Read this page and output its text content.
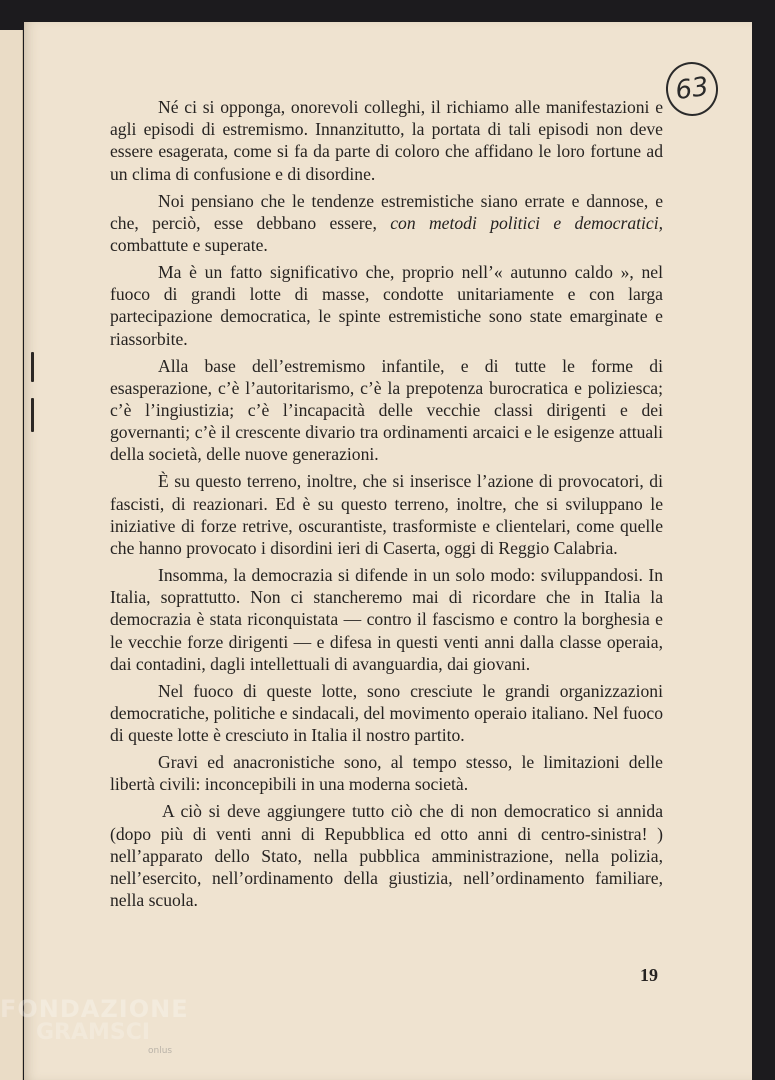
63

Né ci si opponga, onorevoli colleghi, il richiamo alle manifestazioni e agli episodi di estremismo. Innanzitutto, la portata di tali episodi non deve essere esagerata, come si fa da parte di coloro che affidano le loro fortune ad un clima di confusione e di disordine.

Noi pensiano che le tendenze estremistiche siano errate e dannose, e che, perciò, esse debbano essere, con metodi politici e democratici, combattute e superate.

Ma è un fatto significativo che, proprio nell’« autunno caldo », nel fuoco di grandi lotte di masse, condotte unitariamente e con larga partecipazione democratica, le spinte estremistiche sono state emarginate e riassorbite.

Alla base dell’estremismo infantile, e di tutte le forme di esasperazione, c’è l’autoritarismo, c’è la prepotenza burocratica e poliziesca; c’è l’ingiustizia; c’è l’incapacità delle vecchie classi dirigenti e dei governanti; c’è il crescente divario tra ordinamenti arcaici e le esigenze attuali della società, delle nuove generazioni.

È su questo terreno, inoltre, che si inserisce l’azione di provocatori, di fascisti, di reazionari. Ed è su questo terreno, inoltre, che si sviluppano le iniziative di forze retrive, oscurantiste, trasformiste e clientelari, come quelle che hanno provocato i disordini ieri di Caserta, oggi di Reggio Calabria.

Insomma, la democrazia si difende in un solo modo: sviluppandosi. In Italia, soprattutto. Non ci stancheremo mai di ricordare che in Italia la democrazia è stata riconquistata — contro il fascismo e contro la borghesia e le vecchie forze dirigenti — e difesa in questi venti anni dalla classe operaia, dai contadini, dagli intellettuali di avanguardia, dai giovani.

Nel fuoco di queste lotte, sono cresciute le grandi organizzazioni democratiche, politiche e sindacali, del movimento operaio italiano. Nel fuoco di queste lotte è cresciuto in Italia il nostro partito.

Gravi ed anacronistiche sono, al tempo stesso, le limitazioni delle libertà civili: inconcepibili in una moderna società.

A ciò si deve aggiungere tutto ciò che di non democratico si annida (dopo più di venti anni di Repubblica ed otto anni di centro-sinistra! ) nell’apparato dello Stato, nella pubblica amministrazione, nella polizia, nell’esercito, nell’ordinamento della giustizia, nell’ordinamento familiare, nella scuola.

19
FONDAZIONE
GRAMSCI
onlus
